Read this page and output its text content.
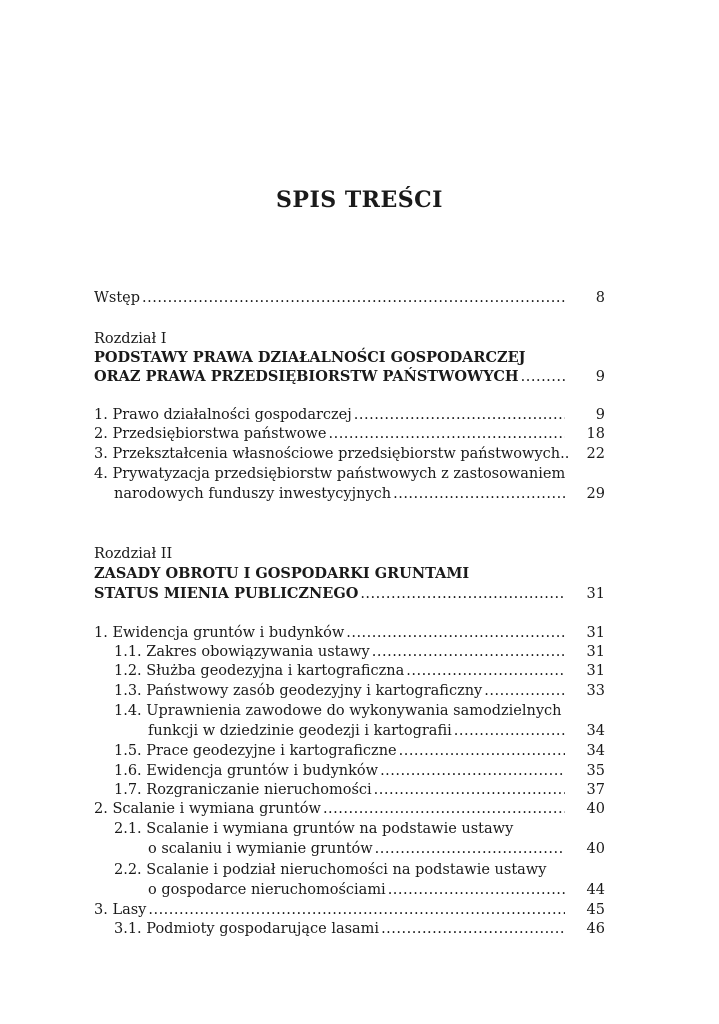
SPIS TREŚCI
Wstęp .....	8
Rozdział I
PODSTAWY PRAWA DZIAŁALNOŚCI GOSPODARCZEJ
ORAZ PRAWA PRZEDSIĘBIORSTW PAŃSTWOWYCH .....	9
1. Prawo działalności gospodarczej .....	9
2. Przedsiębiorstwa państwowe .....	18
3. Przekształcenia własnościowe przedsiębiorstw państwowych..	22
4. Prywatyzacja przedsiębiorstw państwowych z zastosowaniem
narodowych funduszy inwestycyjnych .....	29
Rozdział II
ZASADY OBROTU I GOSPODARKI GRUNTAMI
STATUS MIENIA PUBLICZNEGO .....	31
1. Ewidencja gruntów i budynków .....	31
1.1. Zakres obowiązywania ustawy .....	31
1.2. Służba geodezyjna i kartograficzna .....	31
1.3. Państwowy zasób geodezyjny i kartograficzny .....	33
1.4. Uprawnienia zawodowe do wykonywania samodzielnych
funkcji w dziedzinie geodezji i kartografii .....	34
1.5. Prace geodezyjne i kartograficzne .....	34
1.6. Ewidencja gruntów i budynków .....	35
1.7. Rozgraniczanie nieruchomości .....	37
2. Scalanie i wymiana gruntów .....	40
2.1. Scalanie i wymiana gruntów na podstawie ustawy
o scalaniu i wymianie gruntów .....	40
2.2. Scalanie i podział nieruchomości na podstawie ustawy
o gospodarce nieruchomościami .....	44
3. Lasy .....	45
3.1. Podmioty gospodarujące lasami .....	46
